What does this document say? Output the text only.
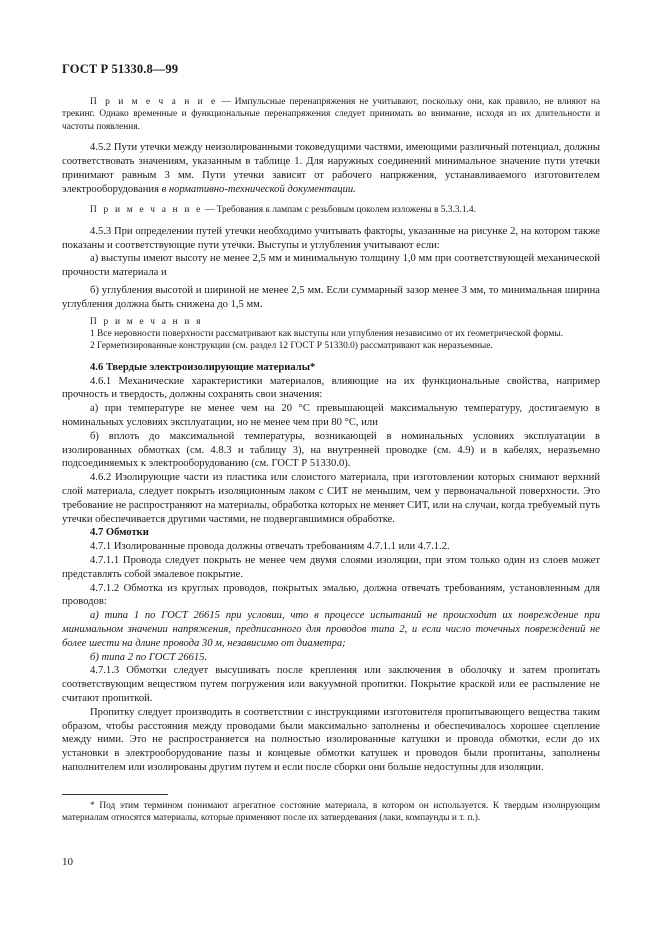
ГОСТ Р 51330.8—99

П р и м е ч а н и е — Импульсные перенапряжения не учитывают, поскольку они, как правило, не влияют на трекинг. Однако временные и функциональные перенапряжения следует принимать во внимание, исходя из их длительности и частоты появления.

4.5.2 Пути утечки между неизолированными токоведущими частями, имеющими различный потенциал, должны соответствовать значениям, указанным в таблице 1. Для наружных соединений минимальное значение пути утечки принимают равным 3 мм. Пути утечки зависят от рабочего напряжения, устанавливаемого изготовителем электрооборудования в нормативно-технической документации.

П р и м е ч а н и е — Требования к лампам с резьбовым цоколем изложены в 5.3.3.1.4.

4.5.3 При определении путей утечки необходимо учитывать факторы, указанные на рисунке 2, на котором также показаны и соответствующие пути утечки. Выступы и углубления учитывают если:

а) выступы имеют высоту не менее 2,5 мм и минимальную толщину 1,0 мм при соответствующей механической прочности материала и

б) углубления высотой и шириной не менее 2,5 мм. Если суммарный зазор менее 3 мм, то минимальная ширина углубления должна быть снижена до 1,5 мм.

П р и м е ч а н и я

1 Все неровности поверхности рассматривают как выступы или углубления независимо от их геометрической формы.

2 Герметизированные конструкции (см. раздел 12 ГОСТ Р 51330.0) рассматривают как неразъемные.

4.6 Твердые электроизолирующие материалы*

4.6.1 Механические характеристики материалов, влияющие на их функциональные свойства, например прочность и твердость, должны сохранять свои значения:

а) при температуре не менее чем на 20 °С превышающей максимальную температуру, достигаемую в номинальных условиях эксплуатации, но не менее чем при 80 °С, или

б) вплоть до максимальной температуры, возникающей в номинальных условиях эксплуатации в изолированных обмотках (см. 4.8.3 и таблицу 3), на внутренней проводке (см. 4.9) и в кабелях, неразъемно подсоединяемых к электрооборудованию (см. ГОСТ Р 51330.0).

4.6.2 Изолирующие части из пластика или слоистого материала, при изготовлении которых снимают верхний слой материала, следует покрыть изоляционным лаком с СИТ не меньшим, чем у первоначальной поверхности. Это требование не распространяют на материалы, обработка которых не меняет СИТ, или на случаи, когда требуемый путь утечки обеспечивается другими частями, не подвергавшимися обработке.

4.7 Обмотки

4.7.1 Изолированные провода должны отвечать требованиям 4.7.1.1 или 4.7.1.2.

4.7.1.1 Провода следует покрыть не менее чем двумя слоями изоляции, при этом только один из слоев может представлять собой эмалевое покрытие.

4.7.1.2 Обмотка из круглых проводов, покрытых эмалью, должна отвечать требованиям, установленным для проводов:

а) типа 1 по ГОСТ 26615 при условии, что в процессе испытаний не происходит их повреждение при минимальном значении напряжения, предписанного для проводов типа 2, и если число точечных повреждений не более шести на длине провода 30 м, независимо от диаметра;

б) типа 2 по ГОСТ 26615.

4.7.1.3 Обмотки следует высушивать после крепления или заключения в оболочку и затем пропитать соответствующим веществом путем погружения или вакуумной пропитки. Покрытие краской или ее распыление не считают пропиткой.

Пропитку следует производить в соответствии с инструкциями изготовителя пропитывающего вещества таким образом, чтобы расстояния между проводами были максимально заполнены и обеспечивалось хорошее сцепление между ними. Это не распространяется на полностью изолированные катушки и провода обмотки, если до их установки в электрооборудование пазы и концевые обмотки катушек и проводов были пропитаны, заполнены наполнителем или изолированы другим путем и если после сборки они больше недоступны для изоляции.

* Под этим термином понимают агрегатное состояние материала, в котором он используется. К твердым изолирующим материалам относятся материалы, которые применяют после их затвердевания (лаки, компаунды и т. п.).

10
